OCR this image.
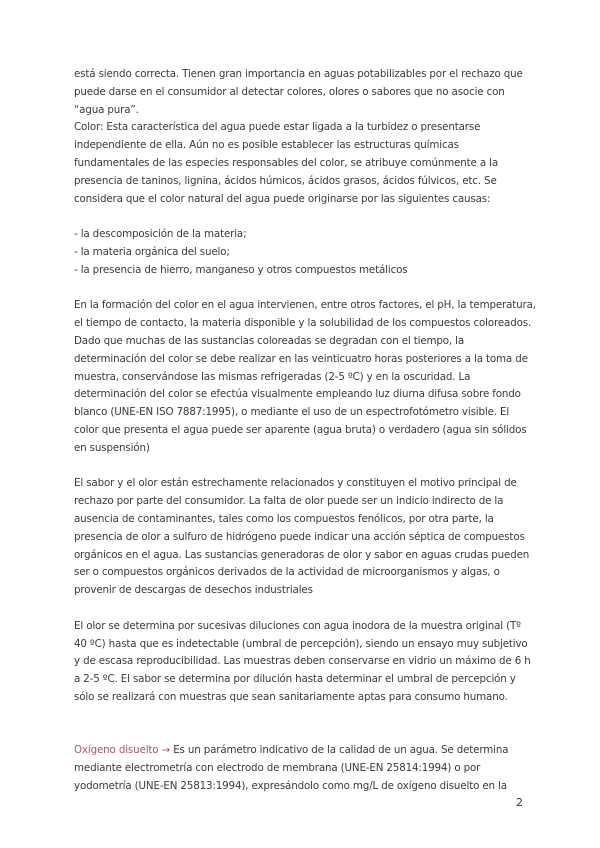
está siendo correcta. Tienen gran importancia en aguas potabilizables por el rechazo que puede darse en el consumidor al detectar colores, olores o sabores que no asocie con “agua pura”.

Color: Esta característica del agua puede estar ligada a la turbidez o presentarse independiente de ella. Aún no es posible establecer las estructuras químicas fundamentales de las especies responsables del color, se atribuye comúnmente a la presencia de taninos, lignina, ácidos húmicos, ácidos grasos, ácidos fúlvicos, etc. Se considera que el color natural del agua puede originarse por las siguientes causas:

- la descomposición de la materia;
- la materia orgánica del suelo;
- la presencia de hierro, manganeso y otros compuestos metálicos

En la formación del color en el agua intervienen, entre otros factores, el pH, la temperatura, el tiempo de contacto, la materia disponible y la solubilidad de los compuestos coloreados. Dado que muchas de las sustancias coloreadas se degradan con el tiempo, la determinación del color se debe realizar en las veinticuatro horas posteriores a la toma de muestra, conservándose las mismas refrigeradas (2-5 ºC) y en la oscuridad. La determinación del color se efectúa visualmente empleando luz diurna difusa sobre fondo blanco (UNE-EN ISO 7887:1995), o mediante el uso de un espectrofotómetro visible. El color que presenta el agua puede ser aparente (agua bruta) o verdadero (agua sin sólidos en suspensión)

El sabor y el olor están estrechamente relacionados y constituyen el motivo principal de rechazo por parte del consumidor. La falta de olor puede ser un indicio indirecto de la ausencia de contaminantes, tales como los compuestos fenólicos, por otra parte, la presencia de olor a sulfuro de hidrógeno puede indicar una acción séptica de compuestos orgánicos en el agua. Las sustancias generadoras de olor y sabor en aguas crudas pueden ser o compuestos orgánicos derivados de la actividad de microorganismos y algas, o provenir de descargas de desechos industriales

El olor se determina por sucesivas diluciones con agua inodora de la muestra original (Tº 40 ºC) hasta que es indetectable (umbral de percepción), siendo un ensayo muy subjetivo y de escasa reproducibilidad. Las muestras deben conservarse en vidrio un máximo de 6 h a 2-5 ºC. El sabor se determina por dilución hasta determinar el umbral de percepción y sólo se realizará con muestras que sean sanitariamente aptas para consumo humano.

Oxígeno disuelto → Es un parámetro indicativo de la calidad de un agua. Se determina mediante electrometría con electrodo de membrana (UNE-EN 25814:1994) o por yodometría (UNE-EN 25813:1994), expresándolo como mg/L de oxígeno disuelto en la

2
